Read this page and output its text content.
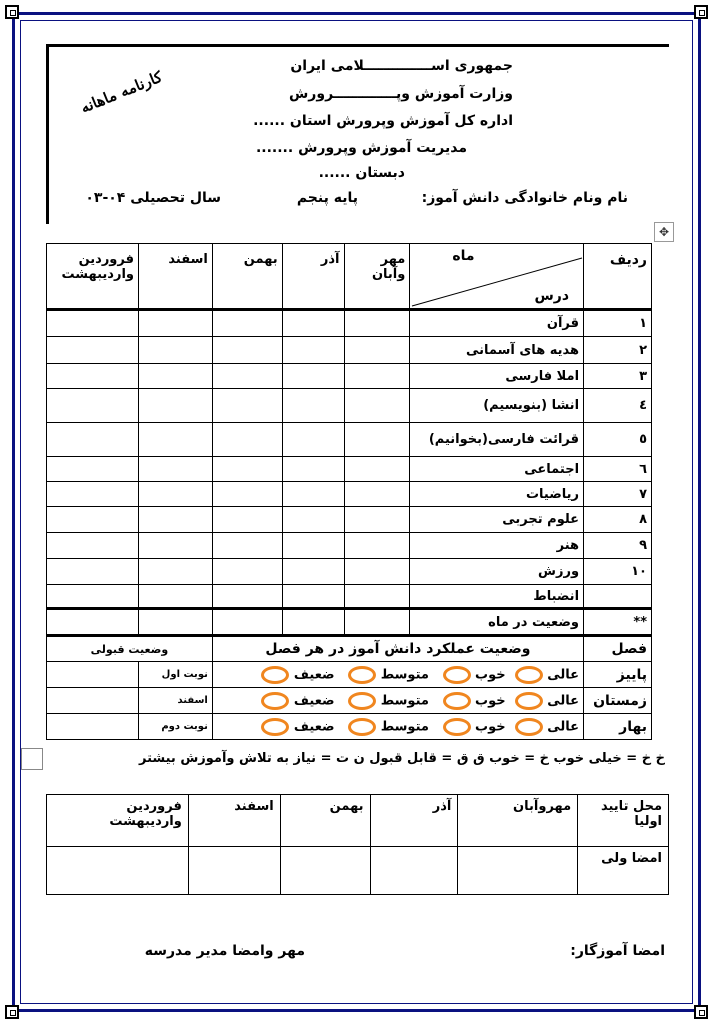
جمهوری اســــــــــــــلامی ایران
وزارت آموزش وپـــــــــــــرورش
اداره کل آموزش وپرورش استان ......
مدیریت آموزش وپرورش .......
دبستان ......
نام ونام خانوادگی دانش آموز:
پایه پنجم
سال تحصیلی ۰۴-۰۳
کارنامه ماهانه
✥
ردیف	ماه
درس	مهر وآبان	آذر	بهمن	اسفند	فروردین واردیبهشت
۱	قرآن					
۲	هدیه های آسمانی					
۳	املا فارسی					
٤	انشا (بنویسیم)					
٥	قرائت فارسی(بخوانیم)					
٦	اجتماعی					
۷	ریاضیات					
۸	علوم تجربی					
۹	هنر					
۱۰	ورزش					
	انضباط					
**	وضعیت در ماه					
فصل	وضعیت عملکرد دانش آموز در هر فصل				وضعیت قبولی	
پاییز	عالی   خوب    متوسط    ضعیف				نوبت اول	
زمستان	عالی   خوب    متوسط    ضعیف				اسفند	
بهار	عالی   خوب    متوسط    ضعیف				نوبت دوم	
خ خ = خیلی خوب خ = خوب ق ق = قابل قبول ن ت = نیاز به تلاش وآموزش بیشتر
محل تایید اولیا	مهروآبان	آذر	بهمن	اسفند	فروردین واردیبهشت
امضا ولی					
امضا آموزگار:
مهر وامضا مدیر مدرسه
